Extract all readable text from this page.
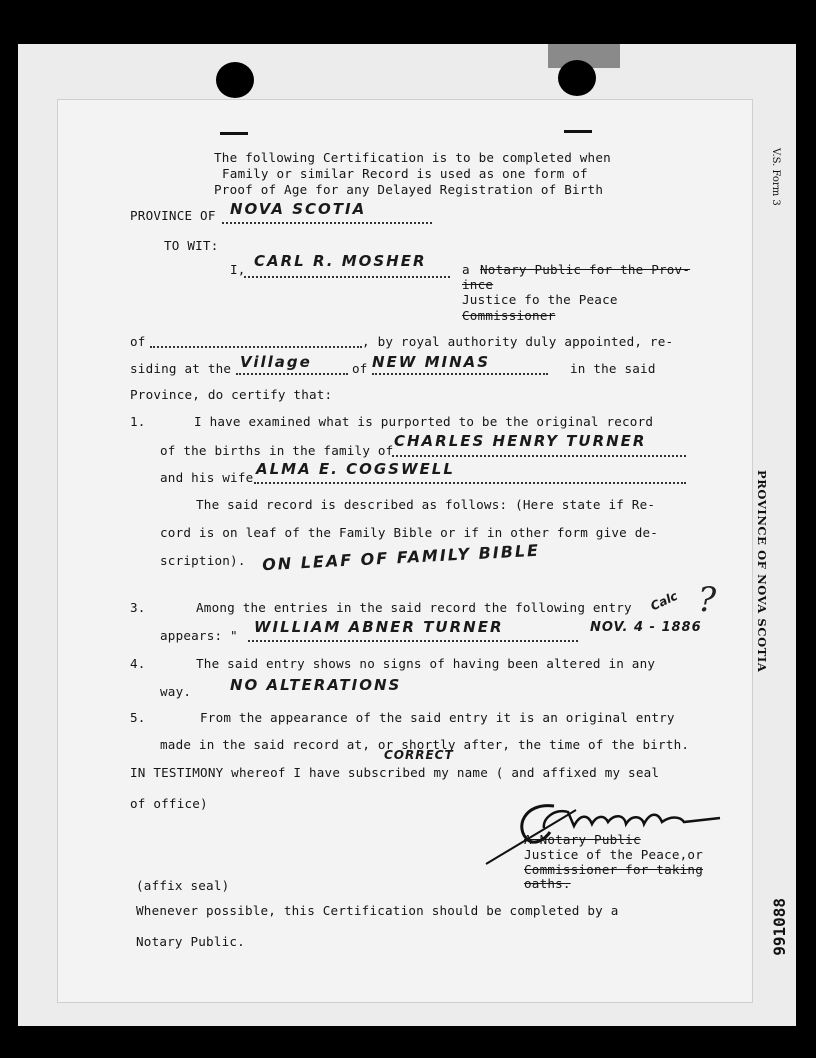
V.S. Form 3
PROVINCE OF NOVA SCOTIA
991088
The following Certification is to be completed when
Family or similar Record is used as one form of
Proof of Age for any Delayed Registration of Birth
PROVINCE OF NOVA SCOTIA
TO WIT:
I, CARL R. MOSHER	a Notary Public for the Prov-
ince
Justice fo the Peace
Commissioner
of	, by royal authority duly appointed, re-
siding at the Village	of NEW MINAS	in the said
Province, do certify that:
1.	I have examined what is purported to be the original record
of the births in the family of
CHARLES HENRY TURNER
and his wife ALMA E. COGSWELL
The said record is described as follows: (Here state if Re-
cord is on leaf of the Family Bible or if in other form give de-
scription). ON LEAF OF FAMILY BIBLE
3.	Among the entries in the said record the following entry
appears: " WILLIAM ABNER TURNER	NOV. 4 - 1886
Calc ?
4.	The said entry shows no signs of having been altered in any
way.	NO ALTERATIONS
5.	From the appearance of the said entry it is an original entry
made in the said record at, or shortly after, the time of the birth.
CORRECT
IN TESTIMONY whereof I have subscribed my name ( and affixed my seal
of office)
A Notary Public
Justice of the Peace,or
Commissioner for taking
oaths.
(affix seal)
Whenever possible, this Certification should be completed by a
Notary Public.
